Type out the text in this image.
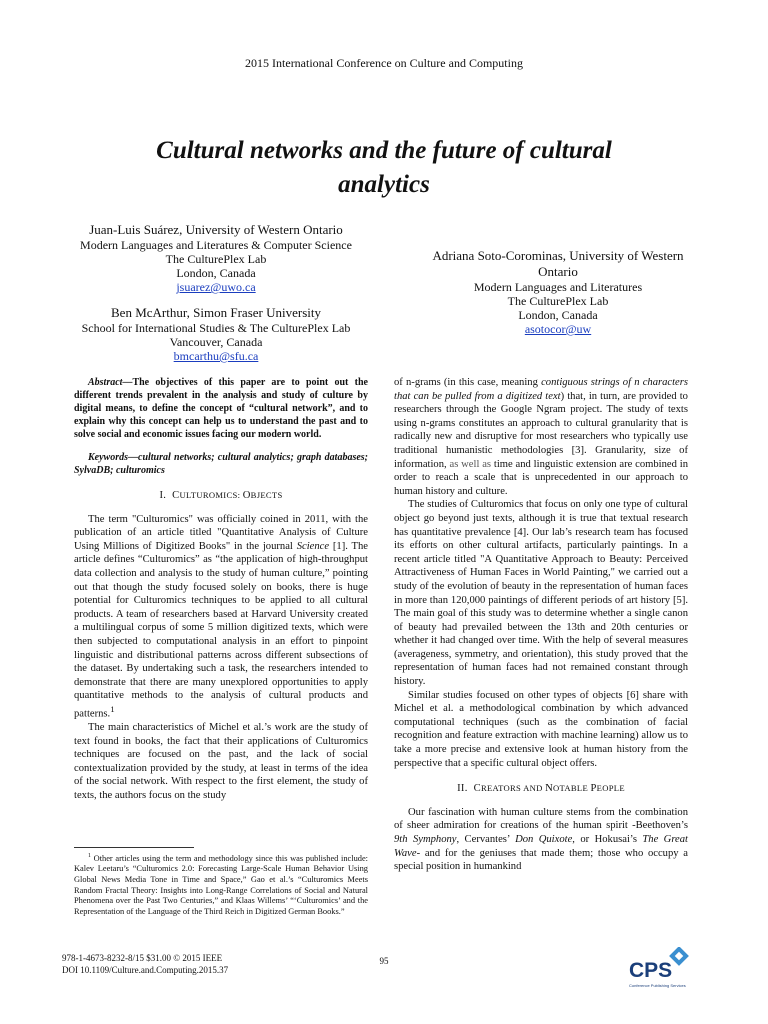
2015 International Conference on Culture and Computing
Cultural networks and the future of cultural
analytics
Juan-Luis Suárez, University of Western Ontario
Modern Languages and Literatures & Computer Science
The CulturePlex Lab
London, Canada
jsuarez@uwo.ca
Ben McArthur, Simon Fraser University
School for International Studies & The CulturePlex Lab
Vancouver, Canada
bmcarthu@sfu.ca
Adriana Soto-Corominas, University of Western
Ontario
Modern Languages and Literatures
The CulturePlex Lab
London, Canada
asotocor@uw

Abstract—The objectives of this paper are to point out the different trends prevalent in the analysis and study of culture by digital means, to define the concept of “cultural network”, and to explain why this concept can help us to understand the past and to solve social and economic issues facing our modern world.

Keywords—cultural networks; cultural analytics; graph databases; SylvaDB; culturomics

I. CULTUROMICS: OBJECTS

The term "Culturomics" was officially coined in 2011, with the publication of an article titled "Quantitative Analysis of Culture Using Millions of Digitized Books" in the journal Science [1]. The article defines “Culturomics” as “the application of high-throughput data collection and analysis to the study of human culture,” pointing out that though the study focused solely on books, there is huge potential for Culturomics techniques to be applied to all cultural products. A team of researchers based at Harvard University created a multilingual corpus of some 5 million digitized texts, which were then subjected to computational analysis in an effort to pinpoint linguistic and distributional patterns across different subsections of the dataset. By undertaking such a task, the researchers intended to demonstrate that there are many unexplored opportunities to apply quantitative methods to the analysis of cultural products and patterns.$^1$

The main characteristics of Michel et al.’s work are the study of text found in books, the fact that their applications of Culturomics techniques are focused on the past, and the lack of social contextualization provided by the study, at least in terms of the idea of the social network. With respect to the first element, the study of texts, the authors focus on the study

$^1$ Other articles using the term and methodology since this was published include: Kalev Leetaru’s “Culturomics 2.0: Forecasting Large-Scale Human Behavior Using Global News Media Tone in Time and Space,” Gao et al.’s “Culturomics Meets Random Fractal Theory: Insights into Long-Range Correlations of Social and Natural Phenomena over the Past Two Centuries,” and Klaas Willems’ “‘Culturomics’ and the Representation of the Language of the Third Reich in Digitized German Books.”

of n-grams (in this case, meaning contiguous strings of n characters that can be pulled from a digitized text) that, in turn, are provided to researchers through the Google Ngram project. The study of texts using n-grams constitutes an approach to cultural granularity that is radically new and disruptive for most researchers who typically use traditional humanistic methodologies [3]. Granularity, size of information, as well as time and linguistic extension are combined in order to reach a scale that is unprecedented in our approach to human history and culture.

The studies of Culturomics that focus on only one type of cultural object go beyond just texts, although it is true that textual research has quantitative prevalence [4]. Our lab’s research team has focused its efforts on other cultural artifacts, particularly paintings. In a recent article titled "A Quantitative Approach to Beauty: Perceived Attractiveness of Human Faces in World Painting," we carried out a study of the evolution of beauty in the representation of human faces in more than 120,000 paintings of different periods of art history [5]. The main goal of this study was to determine whether a single canon of beauty had prevailed between the 13th and 20th centuries or whether it had changed over time. With the help of several measures (averageness, symmetry, and orientation), this study proved that the representation of human faces had not remained constant through history.

Similar studies focused on other types of objects [6] share with Michel et al. a methodological combination by which advanced computational techniques (such as the combination of facial recognition and feature extraction with machine learning) allow us to take a more precise and extensive look at human history from the perspective that a specific cultural object offers.

II. CREATORS AND NOTABLE PEOPLE

Our fascination with human culture stems from the combination of sheer admiration for creations of the human spirit -Beethoven’s 9th Symphony, Cervantes’ Don Quixote, or Hokusai’s The Great Wave- and for the geniuses that made them; those who occupy a special position in humankind

978-1-4673-8232-8/15 $31.00 © 2015 IEEE
DOI 10.1109/Culture.and.Computing.2015.37
95	CPS
Conference Publishing Services
